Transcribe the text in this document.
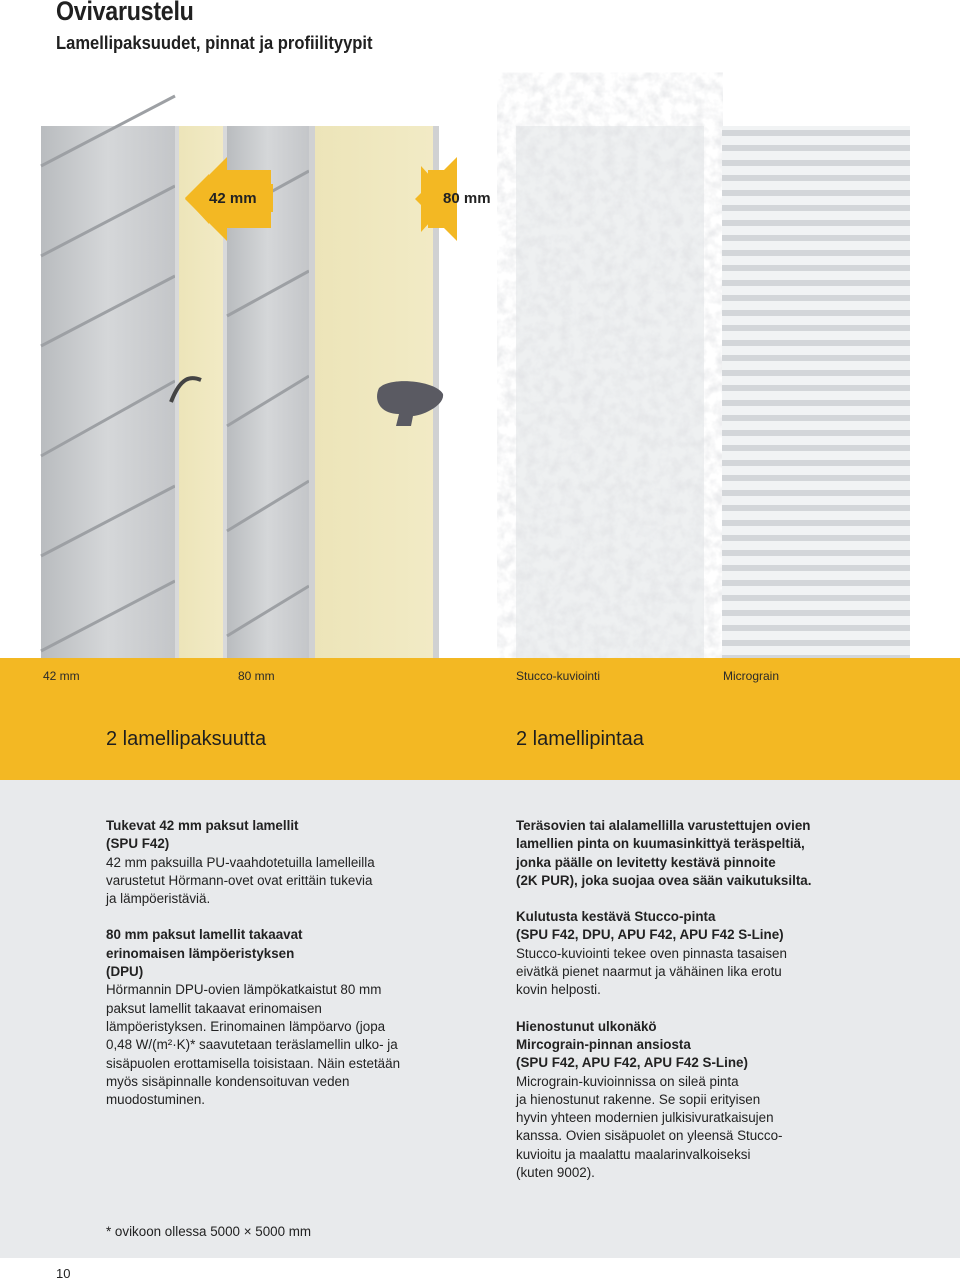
Ovivarustelu
Lamellipaksuudet, pinnat ja profiilityypit
42 mm	80 mm
42 mm	80 mm	Stucco-kuviointi	Micrograin
2 lamellipaksuutta	2 lamellipintaa

Tukevat 42 mm paksut lamellit
(SPU F42)
42 mm paksuilla PU-vaahdotetuilla lamelleilla
varustetut Hörmann-ovet ovat erittäin tukevia
ja lämpöeristäviä.

80 mm paksut lamellit takaavat
erinomaisen lämpöeristyksen
(DPU)
Hörmannin DPU-ovien lämpökatkaistut 80 mm
paksut lamellit takaavat erinomaisen
lämpöeristyksen. Erinomainen lämpöarvo (jopa
0,48 W/(m²·K)* saavutetaan teräslamellin ulko- ja
sisäpuolen erottamisella toisistaan. Näin estetään
myös sisäpinnalle kondensoituvan veden
muodostuminen.

Teräsovien tai alalamellilla varustettujen ovien
lamellien pinta on kuumasinkittyä teräspeltiä,
jonka päälle on levitetty kestävä pinnoite
(2K PUR), joka suojaa ovea sään vaikutuksilta.

Kulutusta kestävä Stucco-pinta
(SPU F42, DPU, APU F42, APU F42 S-Line)
Stucco-kuviointi tekee oven pinnasta tasaisen
eivätkä pienet naarmut ja vähäinen lika erotu
kovin helposti.

Hienostunut ulkonäkö
Mircograin-pinnan ansiosta
(SPU F42, APU F42, APU F42 S-Line)
Micrograin-kuvioinnissa on sileä pinta
ja hienostunut rakenne. Se sopii erityisen
hyvin yhteen modernien julkisivuratkaisujen
kanssa. Ovien sisäpuolet on yleensä Stucco-
kuvioitu ja maalattu maalarinvalkoiseksi
(kuten 9002).

* ovikoon ollessa 5000 × 5000 mm
10
